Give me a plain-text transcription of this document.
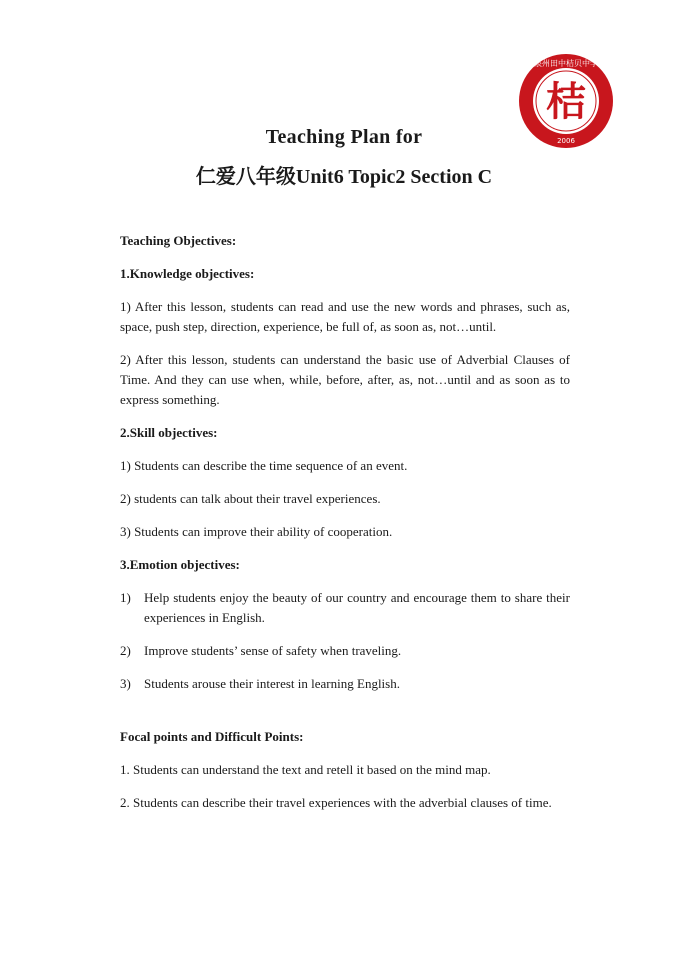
桔
泉州田中桔贝中学
2006
Teaching Plan for
仁爱八年级Unit6 Topic2 Section C

Teaching Objectives:

1.Knowledge objectives:

1) After this lesson, students can read and use the new words and phrases, such as, space, push step, direction, experience, be full of, as soon as, not…until.

2) After this lesson, students can understand the basic use of Adverbial Clauses of Time. And they can use when, while, before, after, as, not…until and as soon as to express something.

2.Skill objectives:

1) Students can describe the time sequence of an event.

2) students can talk about their travel experiences.

3) Students can improve their ability of cooperation.

3.Emotion objectives:

1)	Help students enjoy the beauty of our country and encourage them to share their experiences in English.
2)	Improve students’ sense of safety when traveling.
3)	Students arouse their interest in learning English.

Focal points and Difficult Points:

1. Students can understand the text and retell it based on the mind map.

2. Students can describe their travel experiences with the adverbial clauses of time.
